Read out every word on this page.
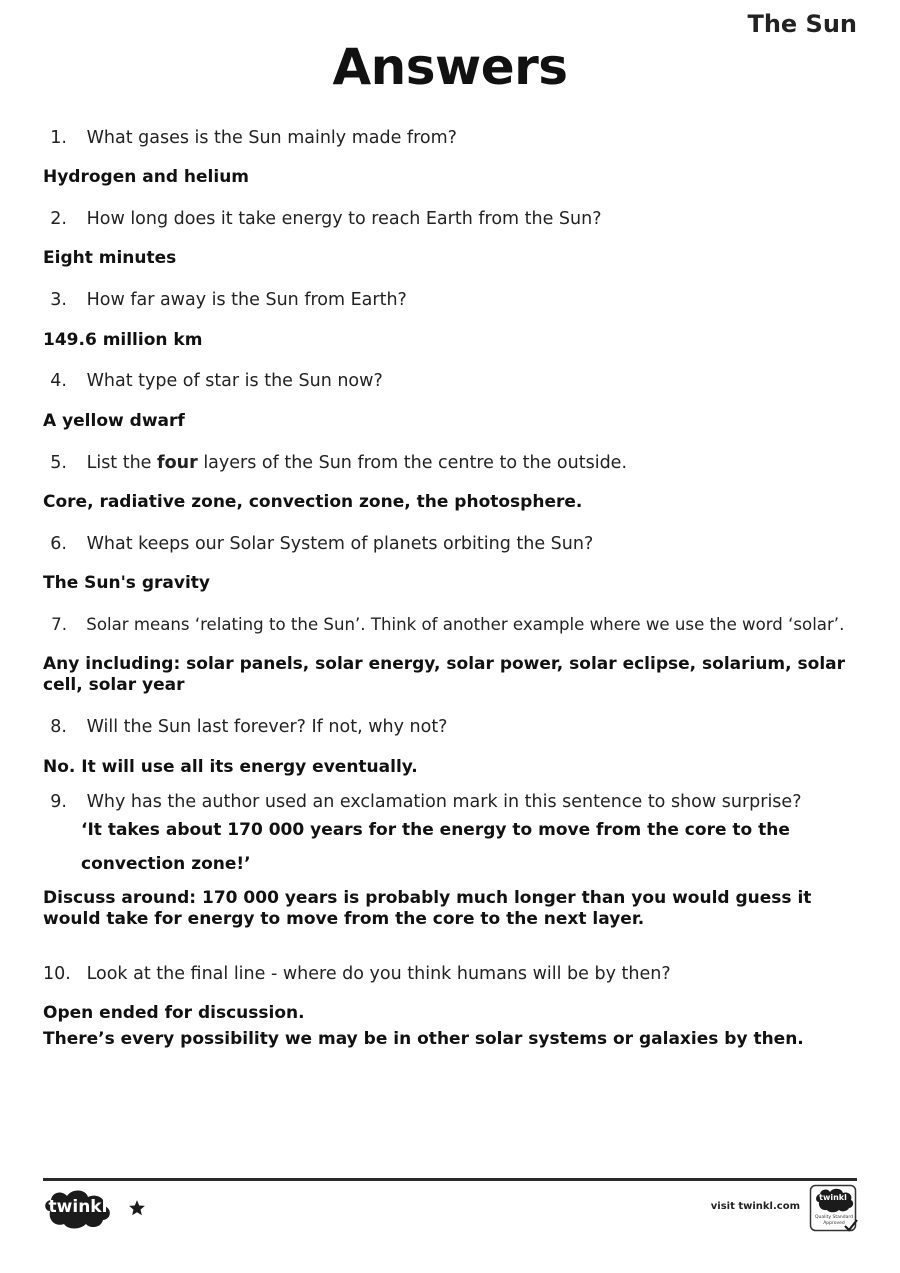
The Sun
Answers
1. What gases is the Sun mainly made from?
Hydrogen and helium
2. How long does it take energy to reach Earth from the Sun?
Eight minutes
3. How far away is the Sun from Earth?
149.6 million km
4. What type of star is the Sun now?
A yellow dwarf
5. List the four layers of the Sun from the centre to the outside.
Core, radiative zone, convection zone, the photosphere.
6. What keeps our Solar System of planets orbiting the Sun?
The Sun's gravity
7. Solar means ‘relating to the Sun’. Think of another example where we use the word ‘solar’.
Any including: solar panels, solar energy, solar power, solar eclipse, solarium, solar cell, solar year
8. Will the Sun last forever? If not, why not?
No. It will use all its energy eventually.
9. Why has the author used an exclamation mark in this sentence to show surprise?
‘It takes about 170 000 years for the energy to move from the core to the
convection zone!’
Discuss around: 170 000 years is probably much longer than you would guess it would take for energy to move from the core to the next layer.
10. Look at the final line - where do you think humans will be by then?
Open ended for discussion.
There’s every possibility we may be in other solar systems or galaxies by then.
twinkl	visit twinkl.com
twinkl
Quality Standard
Approved
